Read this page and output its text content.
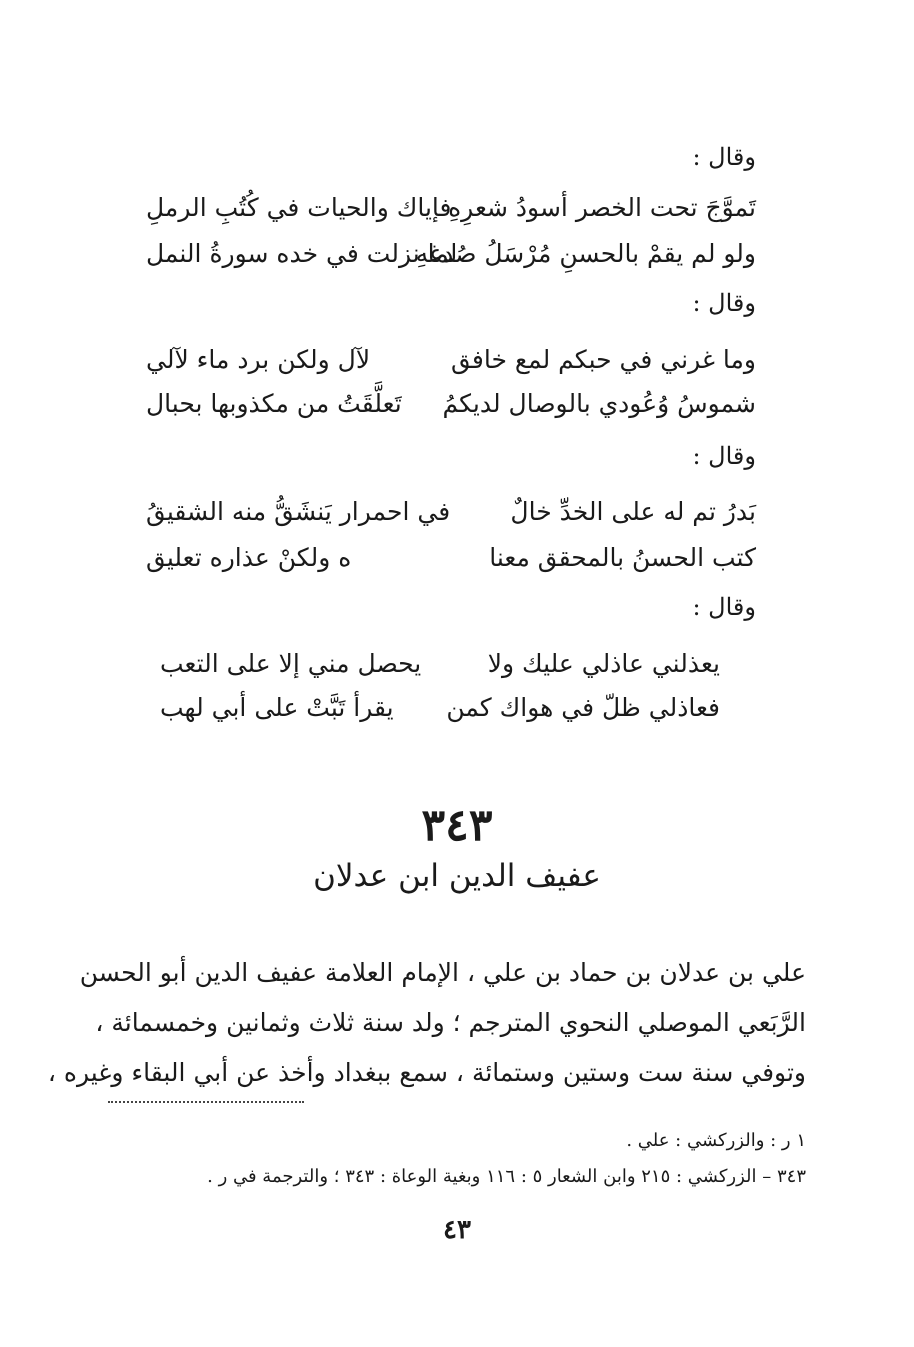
وقال :
تَموَّجَ تحت الخصر أسودُ شعرِهِ
فإياك والحيات في كُتُبِ الرملِ
ولو لم يقمْ بالحسنِ مُرْسَلُ صُدغهِ
لما نزلت في خده سورةُ النمل
وقال :
وما غرني في حبكم لمع خافق
لآل ولكن برد ماء لآلي
شموسُ وُعُودي بالوصال لديكمُ
تَعلَّقَتُ من مكذوبها بحبال
وقال :
بَدرُ تم له على الخدِّ خالٌ
في احمرار يَنشَقُّ منه الشقيقُ
كتب الحسنُ بالمحقق معنا
ه ولكنْ عذاره تعليق
وقال :
يعذلني عاذلي عليك ولا
يحصل مني إلا على التعب
فعاذلي ظلّ في هواك كمن
يقرأ تَبَّتْ على أبي لهب
٣٤٣
عفيف الدين ابن عدلان
علي بن عدلان بن حماد بن علي ، الإمام العلامة عفيف الدين أبو الحسن
الرَّبَعي الموصلي النحوي المترجم ؛ ولد سنة ثلاث وثمانين وخمسمائة ،
وتوفي سنة ست وستين وستمائة ، سمع ببغداد وأخذ عن أبي البقاء وغيره ،
١ ر : والزركشي : علي .
٣٤٣ – الزركشي : ٢١٥ وابن الشعار ٥ : ١١٦ وبغية الوعاة : ٣٤٣ ؛ والترجمة في ر .
٤٣
